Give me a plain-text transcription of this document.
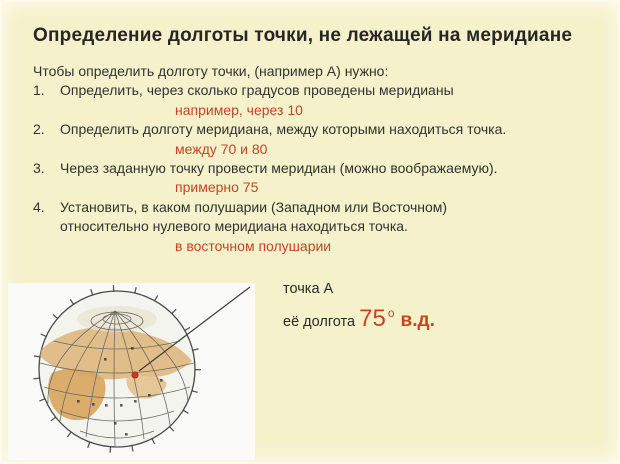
Определение долготы точки, не лежащей на меридиане
Чтобы определить долготу точки, (например А) нужно:
1.	Определить, через сколько градусов проведены меридианы
например, через 10
2.	Определить долготу меридиана, между которыми находиться точка.
между 70 и 80
3.	Через заданную точку провести меридиан (можно воображаемую).
примерно 75
4.	Установить, в каком полушарии (Западном или Восточном) относительно нулевого меридиана находиться точка.
в восточном полушарии
точка А
её долгота 75 $^о$ в.д.
